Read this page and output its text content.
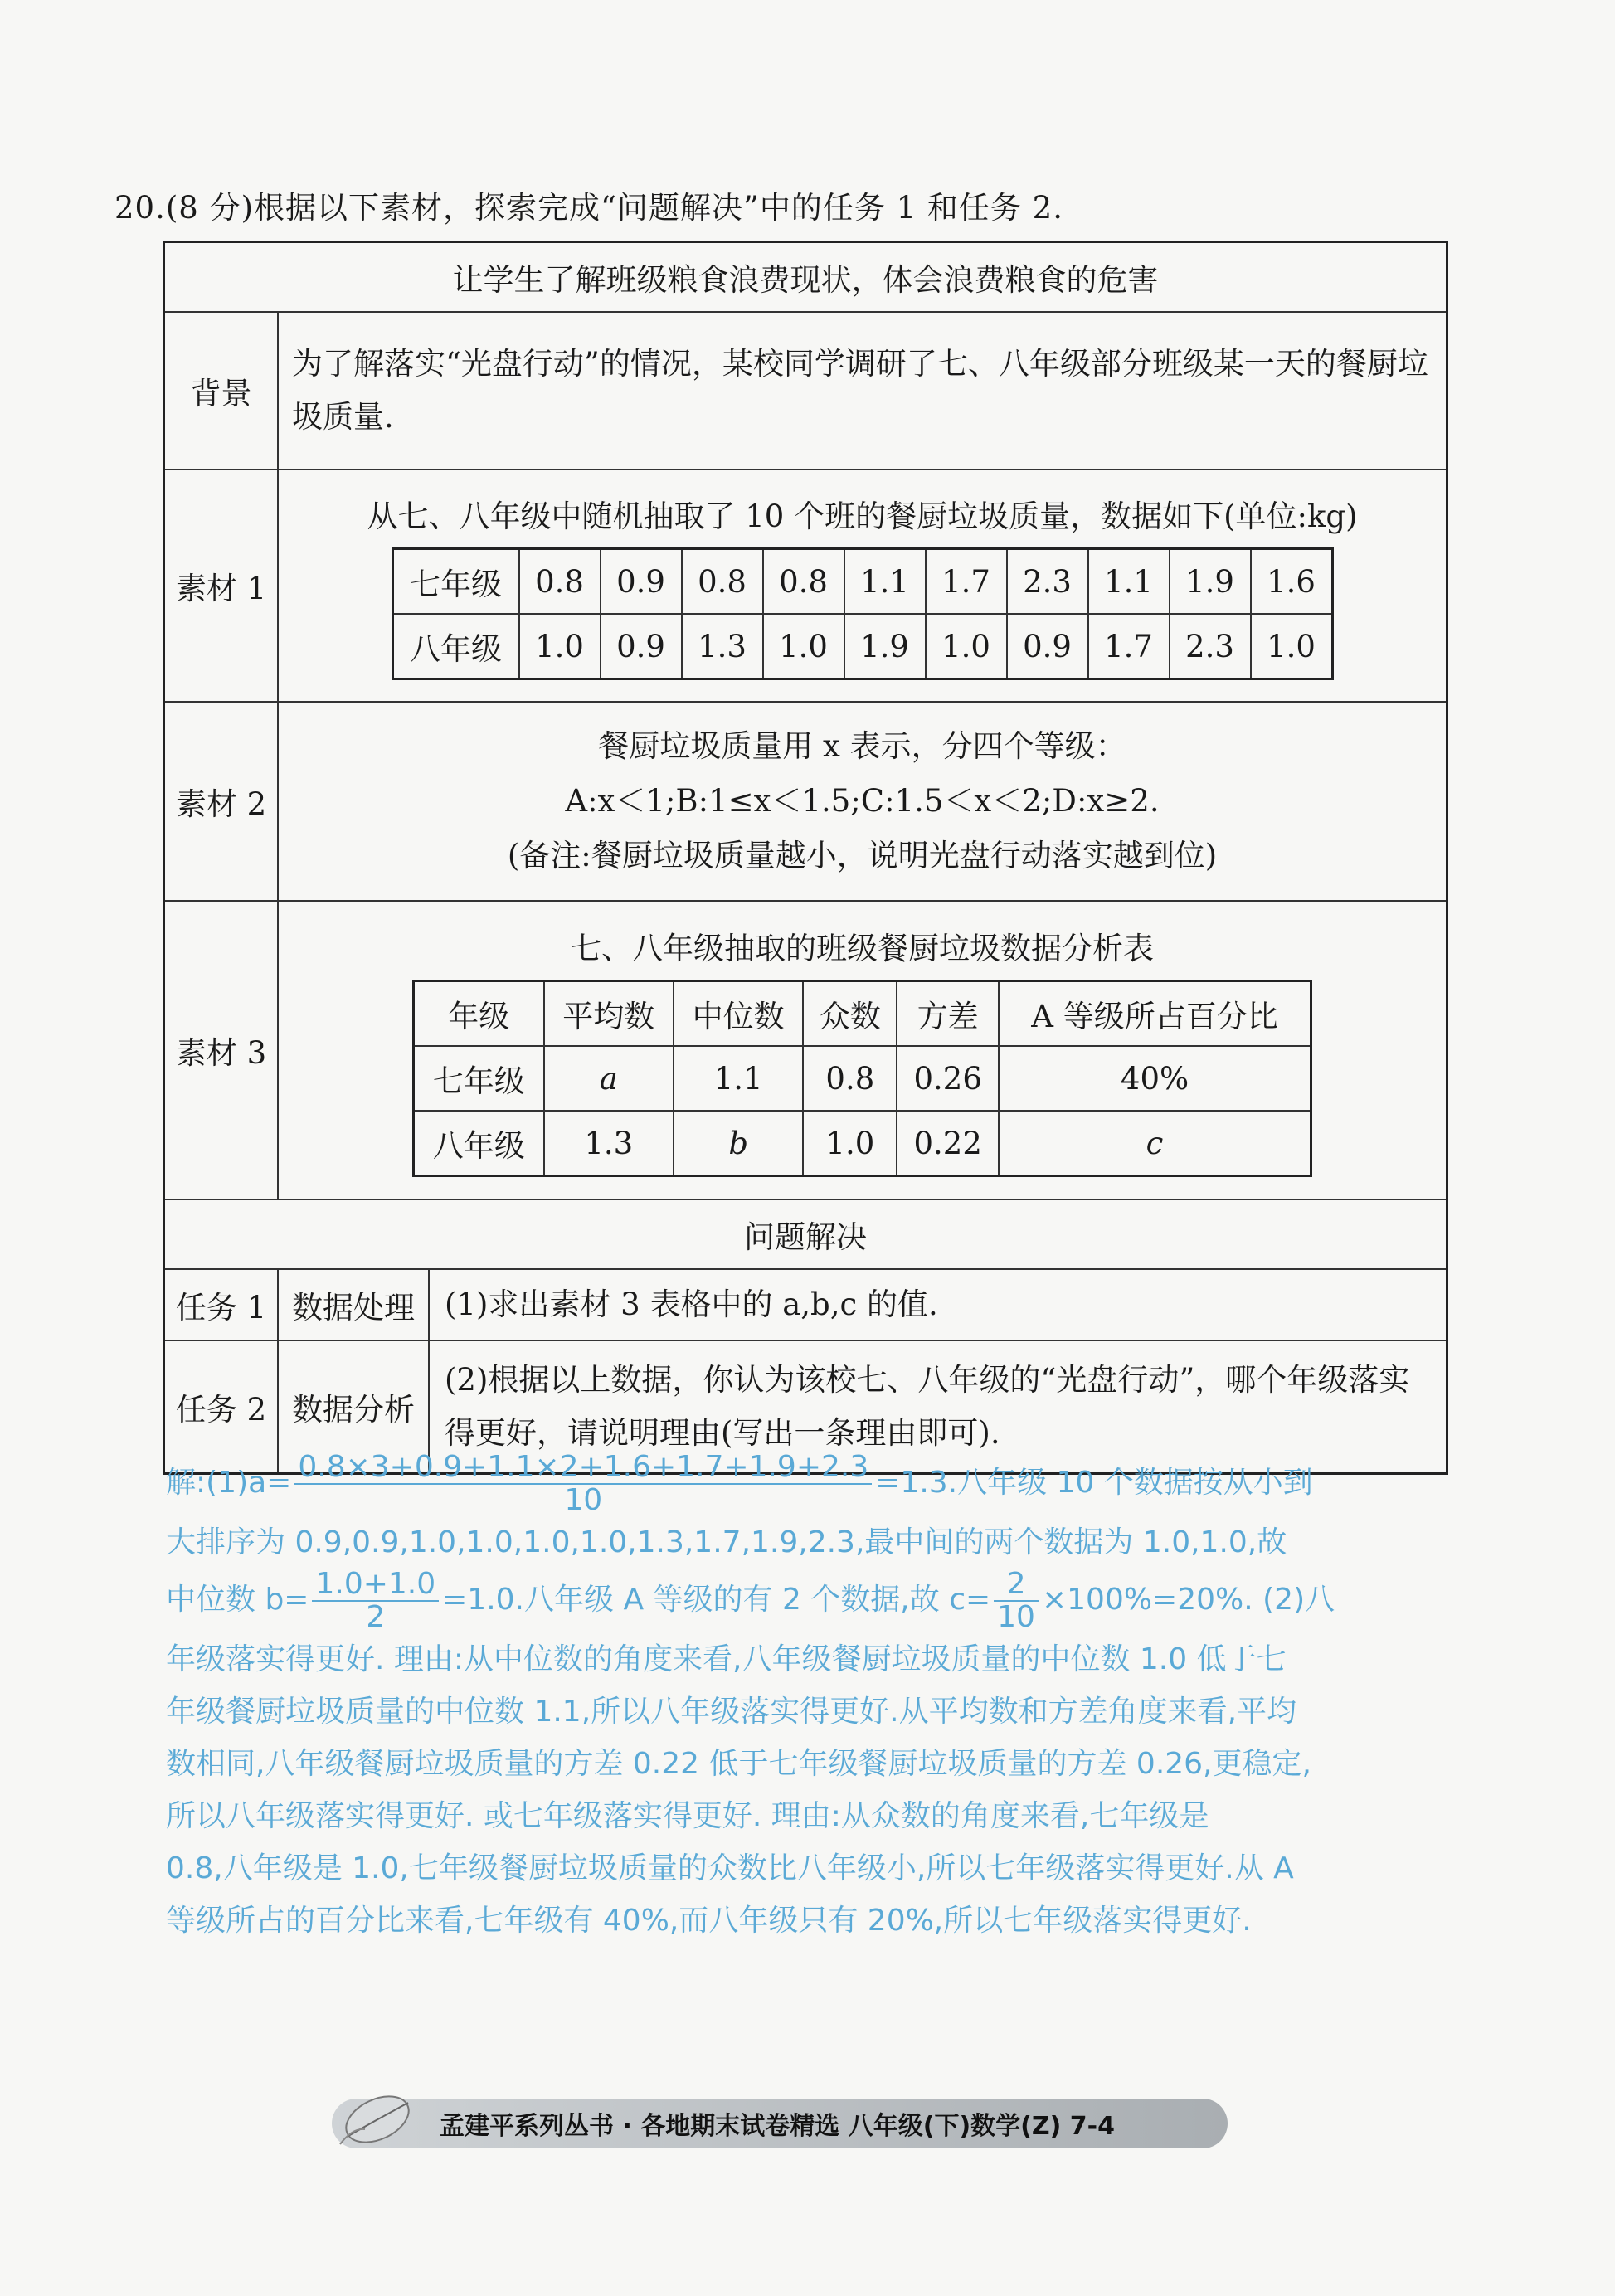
20.(8 分)根据以下素材，探索完成“问题解决”中的任务 1 和任务 2.
让学生了解班级粮食浪费现状，体会浪费粮食的危害
背景	为了解落实“光盘行动”的情况，某校同学调研了七、八年级部分班级某一天的餐厨垃圾质量.
素材 1	
从七、八年级中随机抽取了 10 个班的餐厨垃圾质量，数据如下(单位:kg)
七年级	0.8	0.9	0.8	0.8	1.1	1.7	2.3	1.1	1.9	1.6
八年级	1.0	0.9	1.3	1.0	1.9	1.0	0.9	1.7	2.3	1.0

素材 2	
餐厨垃圾质量用 x 表示，分四个等级：
A:x＜1;B:1≤x＜1.5;C:1.5＜x＜2;D:x≥2.
(备注:餐厨垃圾质量越小，说明光盘行动落实越到位)

素材 3	
七、八年级抽取的班级餐厨垃圾数据分析表
年级	平均数	中位数	众数	方差	A 等级所占百分比
七年级	a	1.1	0.8	0.26	40%
八年级	1.3	b	1.0	0.22	c

问题解决
任务 1	数据处理	(1)求出素材 3 表格中的 a,b,c 的值.
任务 2	数据分析	(2)根据以上数据，你认为该校七、八年级的“光盘行动”，哪个年级落实得更好，请说明理由(写出一条理由即可).

解:(1)a= $\frac{0.8\times 3+0.9+1.1\times 2+1.6+1.7+1.9+2.3}{10} =1.3$.八年级 10 个数据按从小到

大排序为 0.9,0.9,1.0,1.0,1.0,1.0,1.3,1.7,1.9,2.3,最中间的两个数据为 1.0,1.0,故

中位数 $b= \frac{1.0+1.0}{2} =1.0$.八年级 A 等级的有 2 个数据,故 $c= \frac{2}{10} \times 100\%=20\%$. (2)八

年级落实得更好. 理由:从中位数的角度来看,八年级餐厨垃圾质量的中位数 1.0 低于七

年级餐厨垃圾质量的中位数 1.1,所以八年级落实得更好.从平均数和方差角度来看,平均

数相同,八年级餐厨垃圾质量的方差 0.22 低于七年级餐厨垃圾质量的方差 0.26,更稳定,

所以八年级落实得更好. 或七年级落实得更好. 理由:从众数的角度来看,七年级是

0.8,八年级是 1.0,七年级餐厨垃圾质量的众数比八年级小,所以七年级落实得更好.从 A

等级所占的百分比来看,七年级有 40%,而八年级只有 20%,所以七年级落实得更好.

孟建平系列丛书 · 各地期末试卷精选 八年级(下)数学(Z) 7-4
